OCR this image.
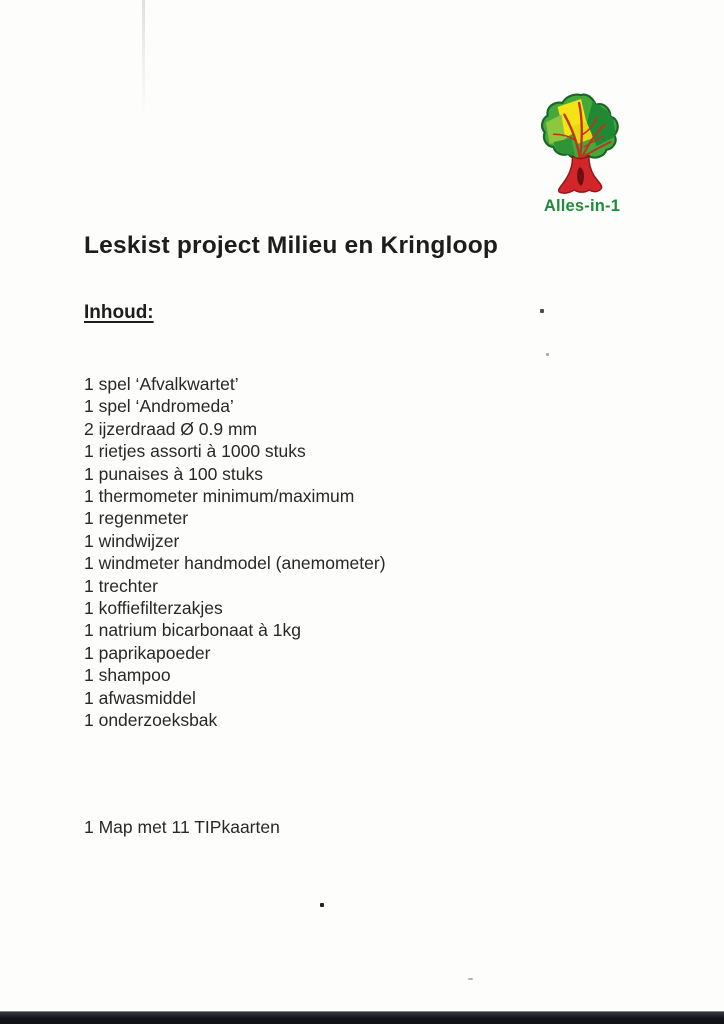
Alles-in-1
Leskist project Milieu en Kringloop
Inhoud:
1 spel ‘Afvalkwartet’
1 spel ‘Andromeda’
2 ijzerdraad Ø 0.9 mm
1 rietjes assorti à 1000 stuks
1 punaises à 100 stuks
1 thermometer minimum/maximum
1 regenmeter
1 windwijzer
1 windmeter handmodel (anemometer)
1 trechter
1 koffiefilterzakjes
1 natrium bicarbonaat à 1kg
1 paprikapoeder
1 shampoo
1 afwasmiddel
1 onderzoeksbak
1 Map met 11 TIPkaarten
